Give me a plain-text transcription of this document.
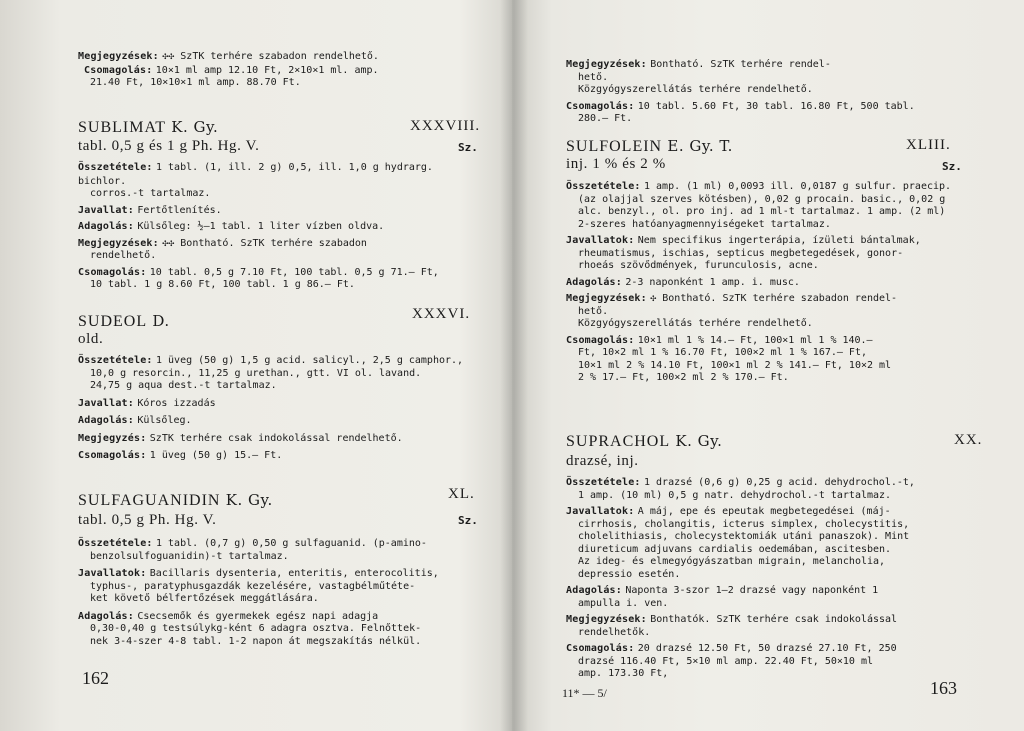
Megjegyzések: ✣✣ SzTK terhére szabadon rendelhető.
Csomagolás: 10×1 ml amp 12.10 Ft, 2×10×1 ml. amp.
21.40 Ft, 10×10×1 ml amp. 88.70 Ft.
SUBLIMAT K. Gy.	XXXVIII.
tabl. 0,5 g és 1 g Ph. Hg. V.	Sz.
Összetétele: 1 tabl. (1, ill. 2 g) 0,5, ill. 1,0 g hydrarg. bichlor.
corros.-t tartalmaz.
Javallat: Fertőtlenítés.
Adagolás: Külsőleg: ½—1 tabl. 1 liter vízben oldva.
Megjegyzések: ✣✣ Bontható. SzTK terhére szabadon
rendelhető.
Csomagolás: 10 tabl. 0,5 g 7.10 Ft, 100 tabl. 0,5 g 71.— Ft,
10 tabl. 1 g 8.60 Ft, 100 tabl. 1 g 86.— Ft.
SUDEOL D.	XXXVI.
old.
Összetétele: 1 üveg (50 g) 1,5 g acid. salicyl., 2,5 g camphor.,
10,0 g resorcin., 11,25 g urethan., gtt. VI ol. lavand.
24,75 g aqua dest.-t tartalmaz.
Javallat: Kóros izzadás
Adagolás: Külsőleg.
Megjegyzés: SzTK terhére csak indokolással rendelhető.
Csomagolás: 1 üveg (50 g) 15.— Ft.
SULFAGUANIDIN K. Gy.	XL.
tabl. 0,5 g Ph. Hg. V.	Sz.
Összetétele: 1 tabl. (0,7 g) 0,50 g sulfaguanid. (p-amino-
benzolsulfoguanidin)-t tartalmaz.
Javallatok: Bacillaris dysenteria, enteritis, enterocolitis,
typhus-, paratyphusgazdák kezelésére, vastagbélműtéte-
ket követő bélfertőzések meggátlására.
Adagolás: Csecsemők és gyermekek egész napi adagja
0,30-0,40 g testsúlykg-ként 6 adagra osztva. Felnőttek-
nek 3-4-szer 4-8 tabl. 1-2 napon át megszakítás nélkül.
162
Megjegyzések: Bontható. SzTK terhére rendel-
hető.
Közgyógyszerellátás terhére rendelhető.
Csomagolás: 10 tabl. 5.60 Ft, 30 tabl. 16.80 Ft, 500 tabl.
280.— Ft.
SULFOLEIN E. Gy. T.	XLIII.
inj. 1 % és 2 %	Sz.
Összetétele: 1 amp. (1 ml) 0,0093 ill. 0,0187 g sulfur. praecip.
(az olajjal szerves kötésben), 0,02 g procain. basic., 0,02 g
alc. benzyl., ol. pro inj. ad 1 ml-t tartalmaz. 1 amp. (2 ml)
2-szeres hatóanyagmennyiségeket tartalmaz.
Javallatok: Nem specifikus ingerterápia, ízületi bántalmak,
rheumatismus, ischias, septicus megbetegedések, gonor-
rhoeás szövődmények, furunculosis, acne.
Adagolás: 2-3 naponként 1 amp. i. musc.
Megjegyzések: ✣ Bontható. SzTK terhére szabadon rendel-
hető.
Közgyógyszerellátás terhére rendelhető.
Csomagolás: 10×1 ml 1 % 14.— Ft, 100×1 ml 1 % 140.—
Ft, 10×2 ml 1 % 16.70 Ft, 100×2 ml 1 % 167.— Ft,
10×1 ml 2 % 14.10 Ft, 100×1 ml 2 % 141.— Ft, 10×2 ml
2 % 17.— Ft, 100×2 ml 2 % 170.— Ft.
SUPRACHOL K. Gy.	XX.
drazsé, inj.
Összetétele: 1 drazsé (0,6 g) 0,25 g acid. dehydrochol.-t,
1 amp. (10 ml) 0,5 g natr. dehydrochol.-t tartalmaz.
Javallatok: A máj, epe és epeutak megbetegedései (máj-
cirrhosis, cholangitis, icterus simplex, cholecystitis,
cholelithiasis, cholecystektomiák utáni panaszok). Mint
diureticum adjuvans cardialis oedemában, ascitesben.
Az ideg- és elmegyógyászatban migrain, melancholia,
depressio esetén.
Adagolás: Naponta 3-szor 1—2 drazsé vagy naponként 1
ampulla i. ven.
Megjegyzések: Bonthatók. SzTK terhére csak indokolással
rendelhetők.
Csomagolás: 20 drazsé 12.50 Ft, 50 drazsé 27.10 Ft, 250
drazsé 116.40 Ft, 5×10 ml amp. 22.40 Ft, 50×10 ml
amp. 173.30 Ft,
11* — 5/	163
